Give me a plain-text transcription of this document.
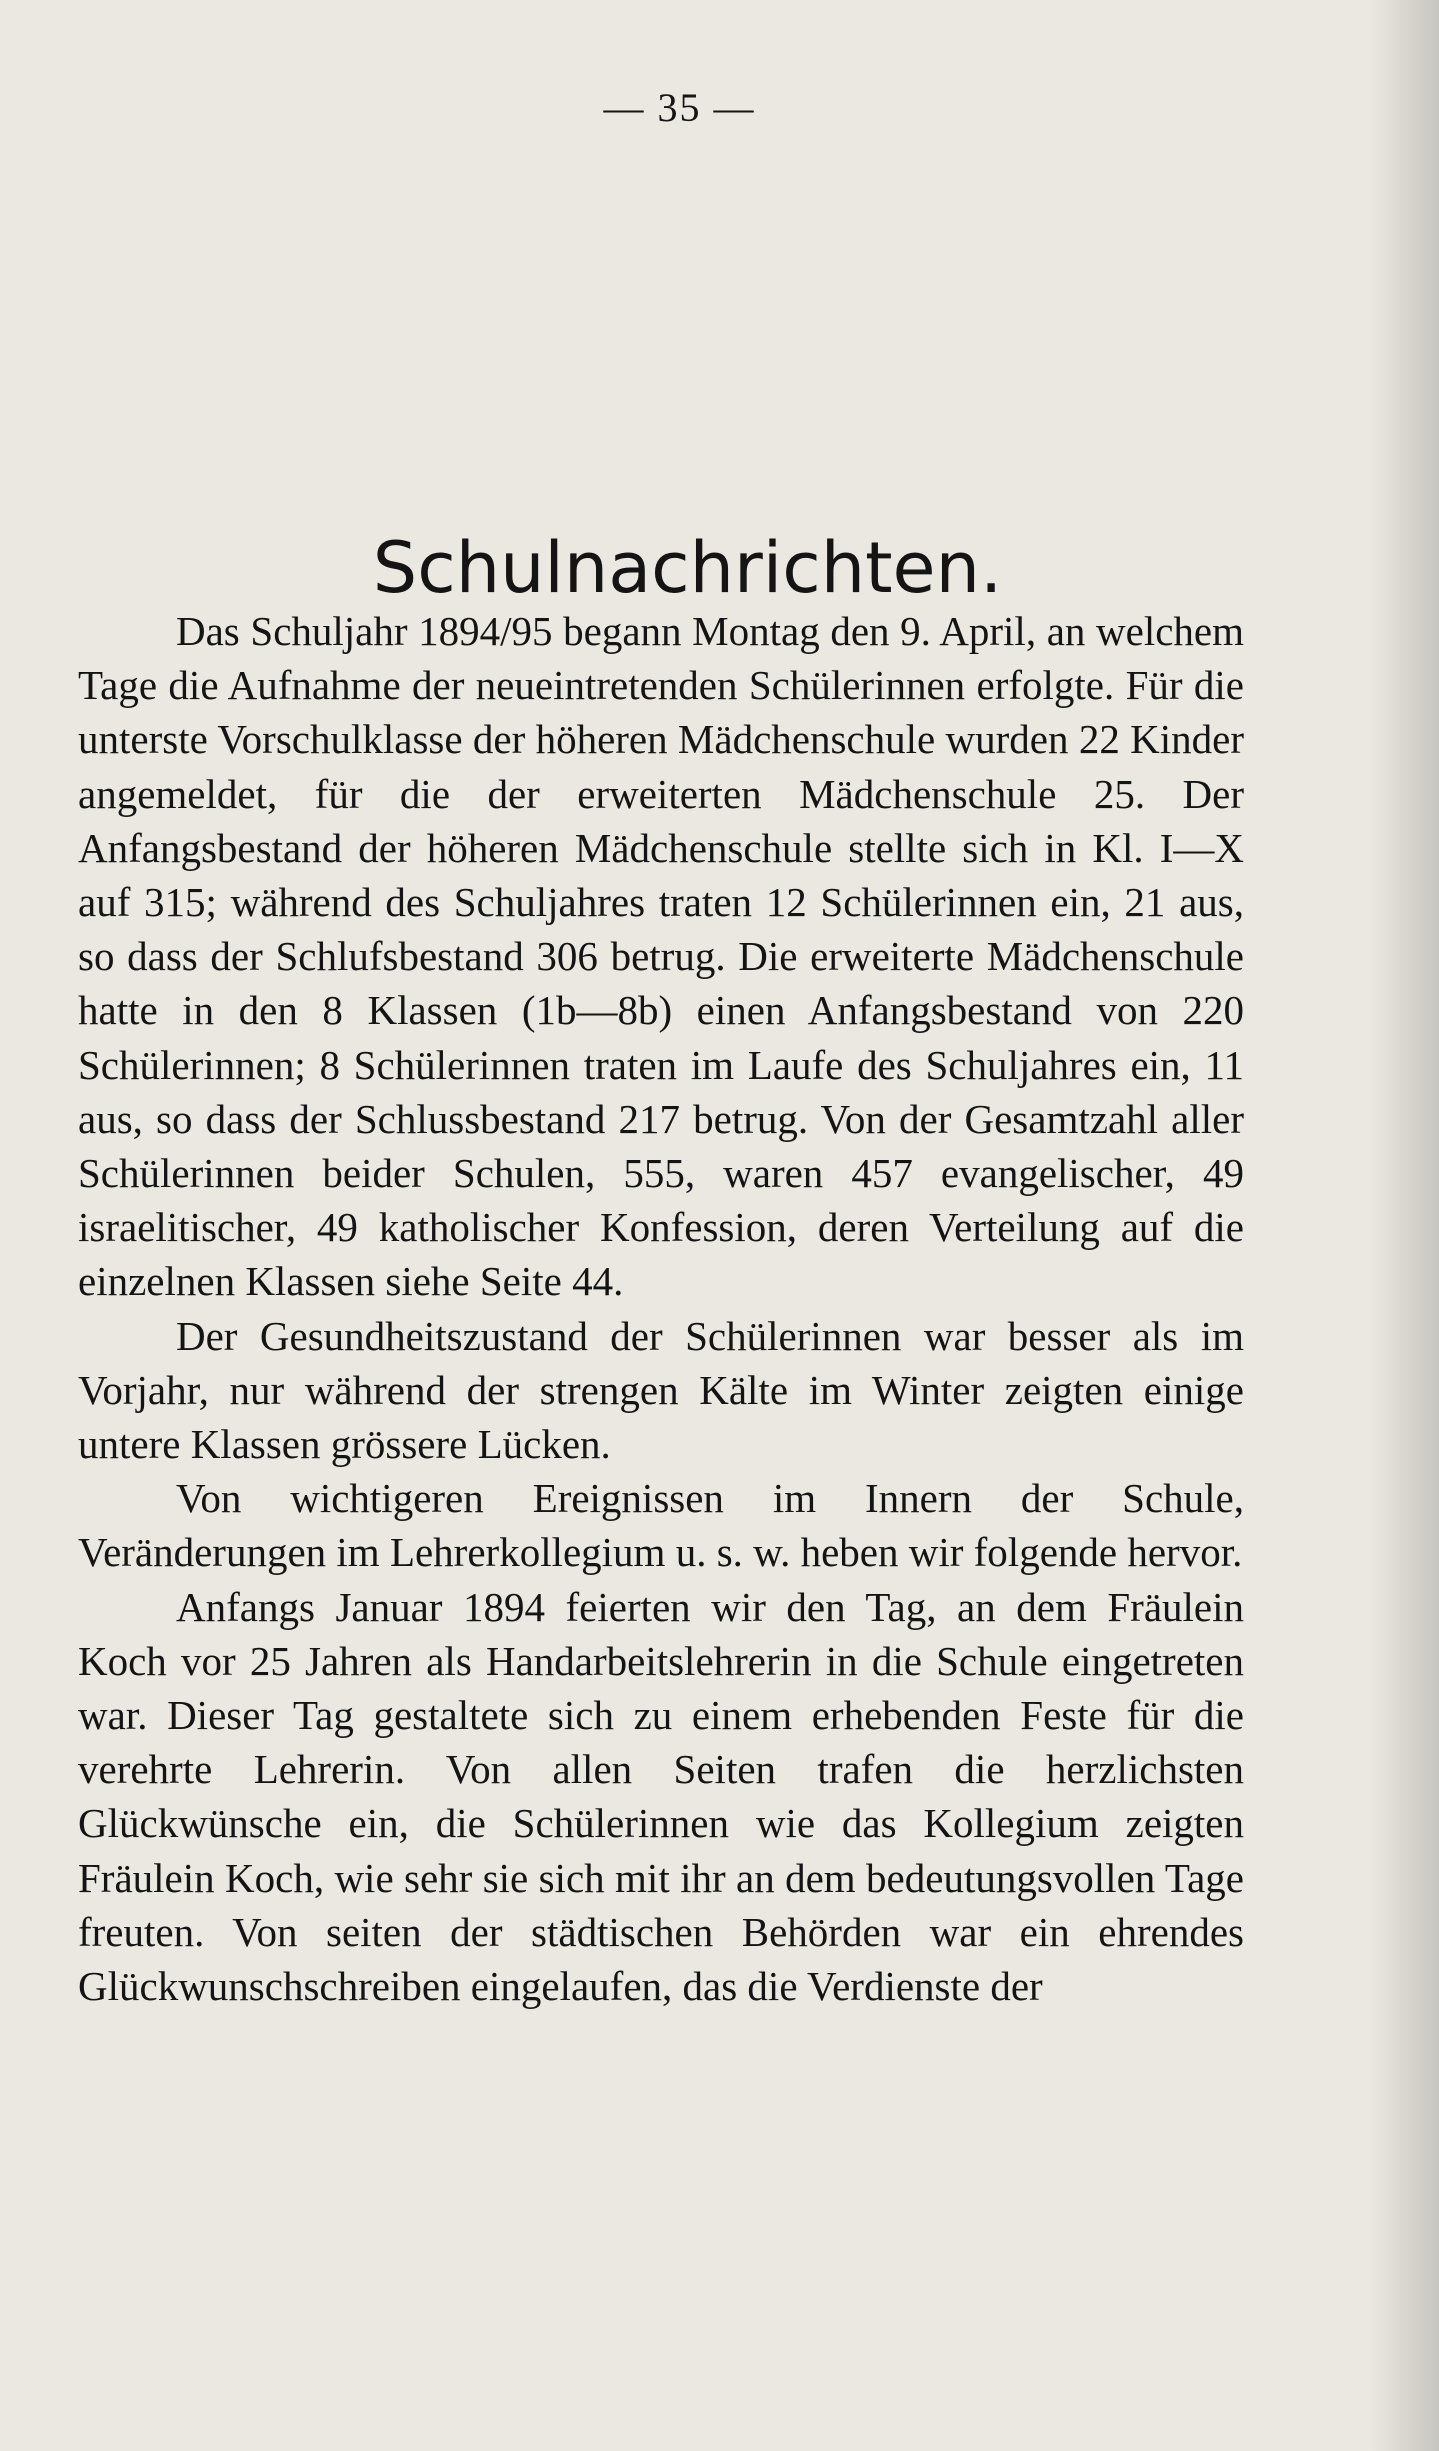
— 35 —
Schulnachrichten.

Das Schuljahr 1894/95 begann Montag den 9. April, an welchem Tage die Aufnahme der neueintretenden Schülerinnen erfolgte. Für die unterste Vorschulklasse der höheren Mädchenschule wurden 22 Kinder angemeldet, für die der erweiterten Mädchenschule 25. Der Anfangsbestand der höheren Mädchenschule stellte sich in Kl. I—X auf 315; während des Schuljahres traten 12 Schülerinnen ein, 21 aus, so dass der Schlufsbestand 306 betrug. Die erweiterte Mädchenschule hatte in den 8 Klassen (1b—8b) einen Anfangsbestand von 220 Schülerinnen; 8 Schülerinnen traten im Laufe des Schuljahres ein, 11 aus, so dass der Schlussbestand 217 betrug. Von der Gesamtzahl aller Schülerinnen beider Schulen, 555, waren 457 evangelischer, 49 israelitischer, 49 katholischer Konfession, deren Verteilung auf die einzelnen Klassen siehe Seite 44.

Der Gesundheitszustand der Schülerinnen war besser als im Vorjahr, nur während der strengen Kälte im Winter zeigten einige untere Klassen grössere Lücken.

Von wichtigeren Ereignissen im Innern der Schule, Veränderungen im Lehrerkollegium u. s. w. heben wir folgende hervor.

Anfangs Januar 1894 feierten wir den Tag, an dem Fräulein Koch vor 25 Jahren als Handarbeitslehrerin in die Schule eingetreten war. Dieser Tag gestaltete sich zu einem erhebenden Feste für die verehrte Lehrerin. Von allen Seiten trafen die herzlichsten Glückwünsche ein, die Schülerinnen wie das Kollegium zeigten Fräulein Koch, wie sehr sie sich mit ihr an dem bedeutungsvollen Tage freuten. Von seiten der städtischen Behörden war ein ehrendes Glückwunschschreiben eingelaufen, das die Verdienste der
